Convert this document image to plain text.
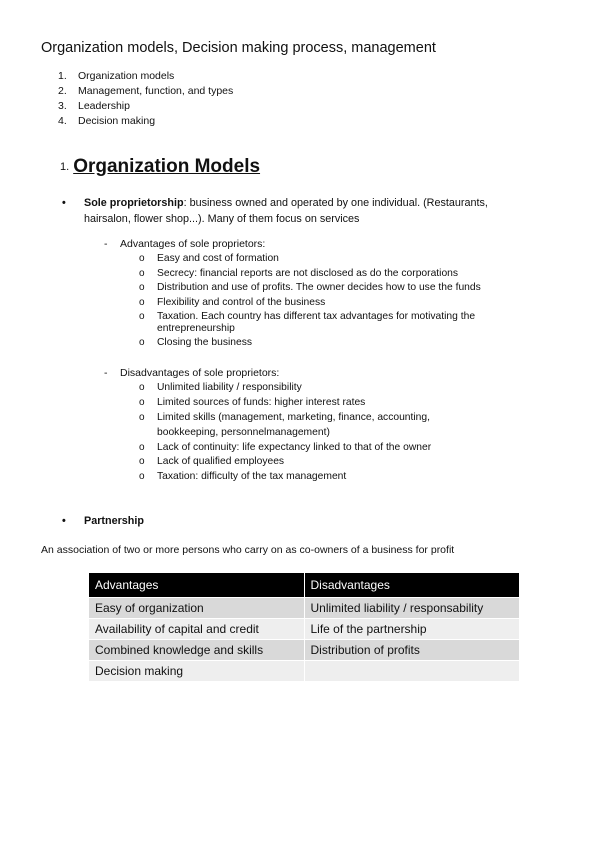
Organization models, Decision making process, management
1. Organization models
2. Management, function, and types
3. Leadership
4. Decision making
1. Organization Models
• Sole proprietorship: business owned and operated by one individual. (Restaurants, hairsalon, flower shop...). Many of them focus on services
- Advantages of sole proprietors:
o Easy and cost of formation
o Secrecy: financial reports are not disclosed as do the corporations
o Distribution and use of profits. The owner decides how to use the funds
o Flexibility and control of the business
o Taxation. Each country has different tax advantages for motivating the entrepreneurship
o Closing the business
- Disadvantages of sole proprietors:
o Unlimited liability / responsibility
o Limited sources of funds: higher interest rates
o Limited skills (management, marketing, finance, accounting, bookkeeping, personnelmanagement)
o Lack of continuity: life expectancy linked to that of the owner
o Lack of qualified employees
o Taxation: difficulty of the tax management
• Partnership
An association of two or more persons who carry on as co-owners of a business for profit
Advantages	Disadvantages
Easy of organization	Unlimited liability / responsability
Availability of capital and credit	Life of the partnership
Combined knowledge and skills	Distribution of profits
Decision making	
